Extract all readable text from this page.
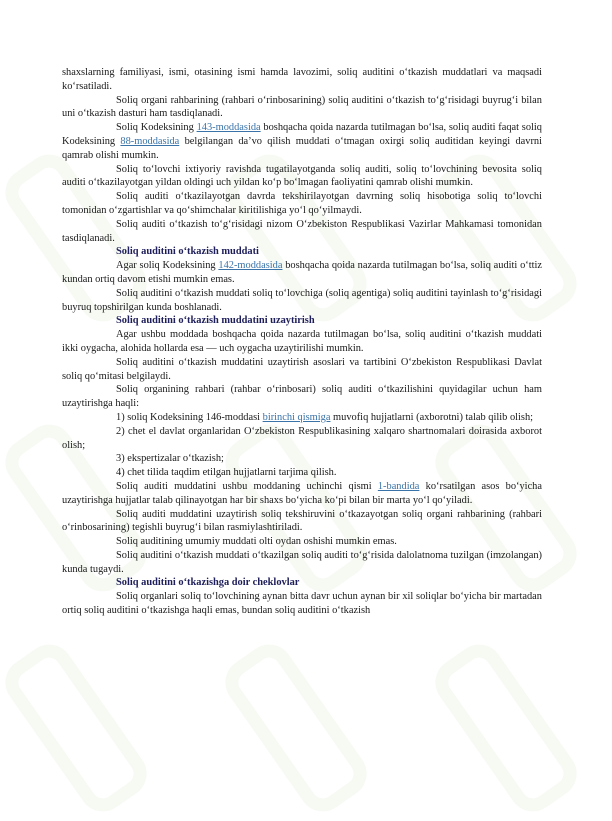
shaxslarning familiyasi, ismi, otasining ismi hamda lavozimi, soliq auditini o‘tkazish muddatlari va maqsadi ko‘rsatiladi.

Soliq organi rahbarining (rahbari o‘rinbosarining) soliq auditini o‘tkazish to‘g‘risidagi buyrug‘i bilan uni o‘tkazish dasturi ham tasdiqlanadi.

Soliq Kodeksining 143-moddasida boshqacha qoida nazarda tutilmagan bo‘lsa, soliq auditi faqat soliq Kodeksining 88-moddasida belgilangan da’vo qilish muddati o‘tmagan oxirgi soliq auditidan keyingi davrni qamrab olishi mumkin.

Soliq to‘lovchi ixtiyoriy ravishda tugatilayotganda soliq auditi, soliq to‘lovchining bevosita soliq auditi o‘tkazilayotgan yildan oldingi uch yildan ko‘p bo‘lmagan faoliyatini qamrab olishi mumkin.

Soliq auditi o‘tkazilayotgan davrda tekshirilayotgan davrning soliq hisobotiga soliq to‘lovchi tomonidan o‘zgartishlar va qo‘shimchalar kiritilishiga yo‘l qo‘yilmaydi.

Soliq auditi o‘tkazish to‘g‘risidagi nizom O‘zbekiston Respublikasi Vazirlar Mahkamasi tomonidan tasdiqlanadi.

Soliq auditini o‘tkazish muddati

Agar soliq Kodeksining 142-moddasida boshqacha qoida nazarda tutilmagan bo‘lsa, soliq auditi o‘ttiz kundan ortiq davom etishi mumkin emas.

Soliq auditini o‘tkazish muddati soliq to‘lovchiga (soliq agentiga) soliq auditini tayinlash to‘g‘risidagi buyruq topshirilgan kunda boshlanadi.

Soliq auditini o‘tkazish muddatini uzaytirish

Agar ushbu moddada boshqacha qoida nazarda tutilmagan bo‘lsa, soliq auditini o‘tkazish muddati ikki oygacha, alohida hollarda esa — uch oygacha uzaytirilishi mumkin.

Soliq auditini o‘tkazish muddatini uzaytirish asoslari va tartibini O‘zbekiston Respublikasi Davlat soliq qo‘mitasi belgilaydi.

Soliq organining rahbari (rahbar o‘rinbosari) soliq auditi o‘tkazilishini quyidagilar uchun ham uzaytirishga haqli:

1) soliq Kodeksining 146-moddasi birinchi qismiga muvofiq hujjatlarni (axborotni) talab qilib olish;

2) chet el davlat organlaridan O‘zbekiston Respublikasining xalqaro shartnomalari doirasida axborot olish;

3) ekspertizalar o‘tkazish;

4) chet tilida taqdim etilgan hujjatlarni tarjima qilish.

Soliq auditi muddatini ushbu moddaning uchinchi qismi 1-bandida ko‘rsatilgan asos bo‘yicha uzaytirishga hujjatlar talab qilinayotgan har bir shaxs bo‘yicha ko‘pi bilan bir marta yo‘l qo‘yiladi.

Soliq auditi muddatini uzaytirish soliq tekshiruvini o‘tkazayotgan soliq organi rahbarining (rahbari o‘rinbosarining) tegishli buyrug‘i bilan rasmiylashtiriladi.

Soliq auditining umumiy muddati olti oydan oshishi mumkin emas.

Soliq auditini o‘tkazish muddati o‘tkazilgan soliq auditi to‘g‘risida dalolatnoma tuzilgan (imzolangan) kunda tugaydi.

Soliq auditini o‘tkazishga doir cheklovlar

Soliq organlari soliq to‘lovchining aynan bitta davr uchun aynan bir xil soliqlar bo‘yicha bir martadan ortiq soliq auditini o‘tkazishga haqli emas, bundan soliq auditini o‘tkazish
